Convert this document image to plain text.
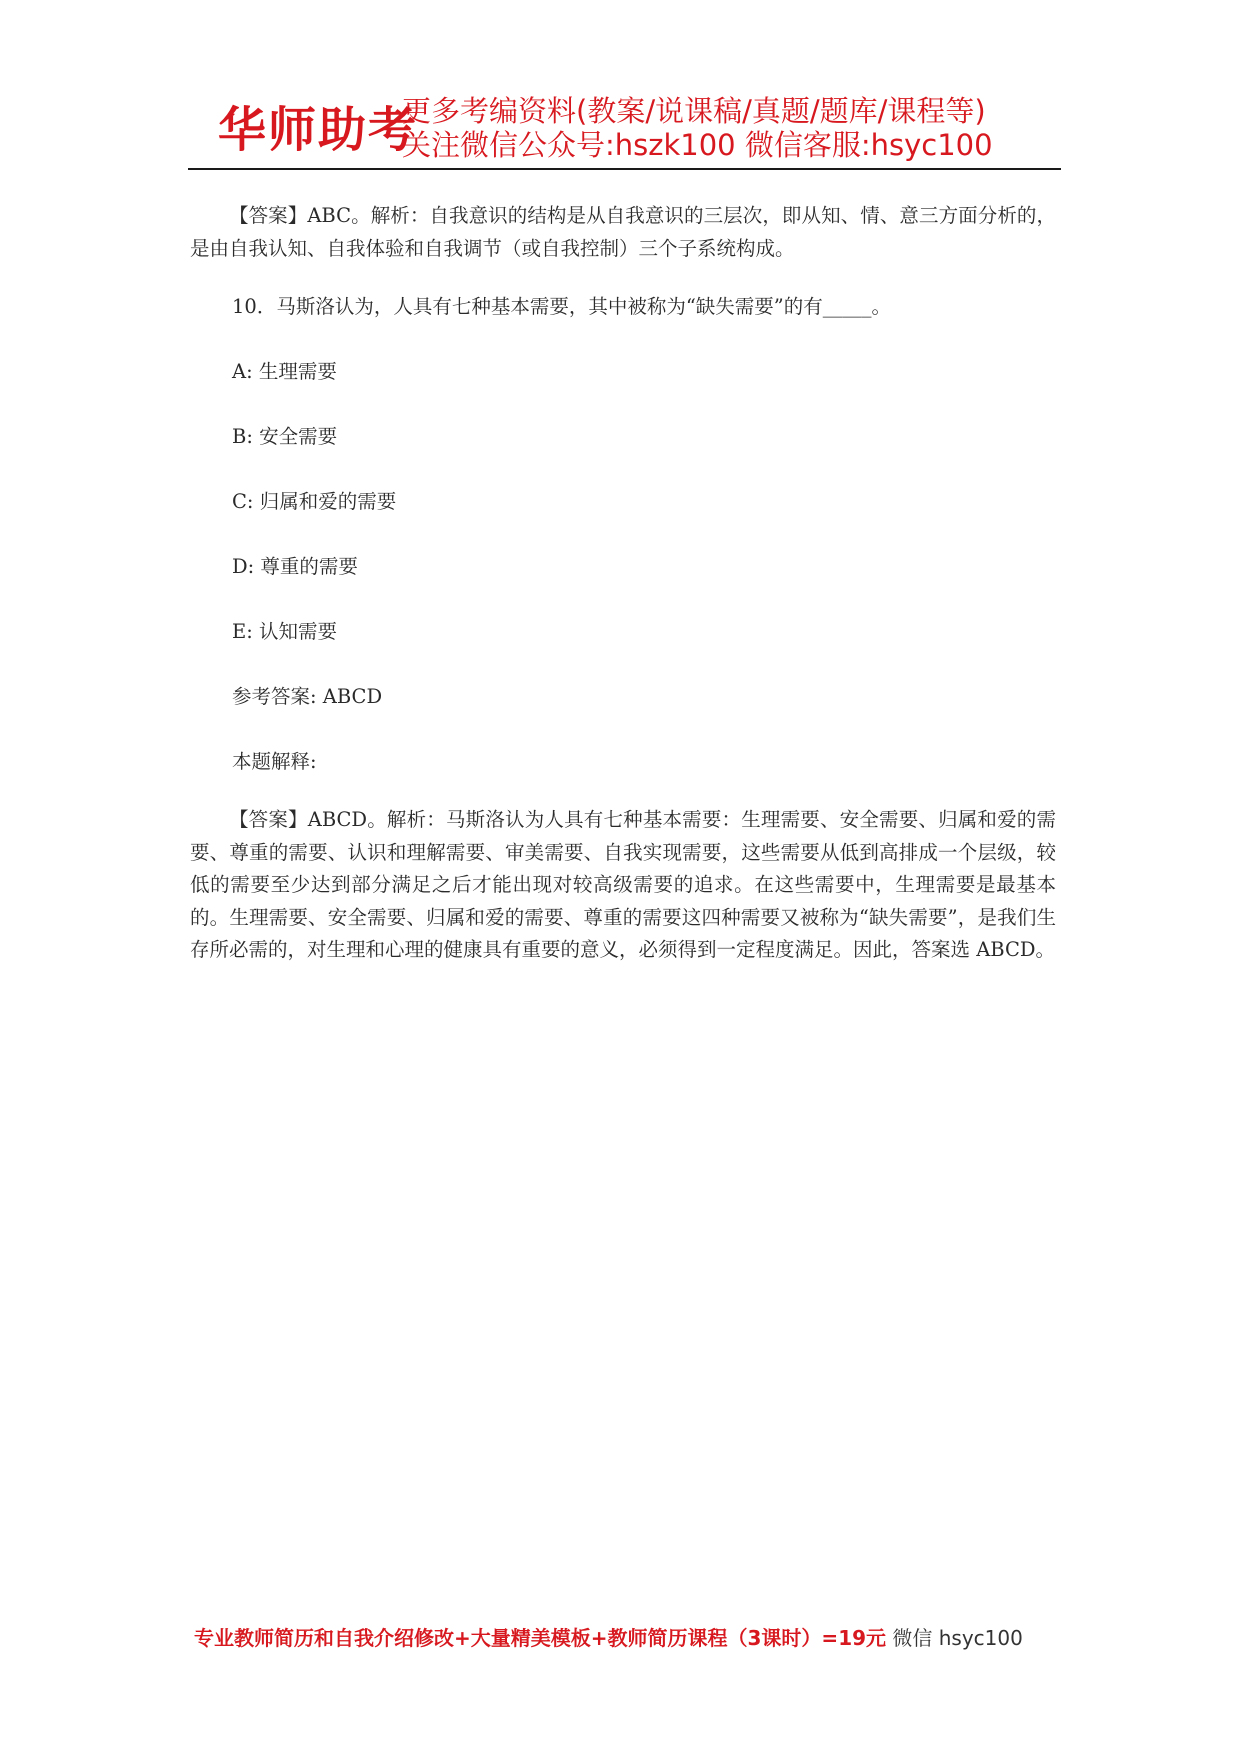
华师助考
更多考编资料(教案/说课稿/真题/题库/课程等)
关注微信公众号:hszk100 微信客服:hsyc100

【答案】ABC。解析：自我意识的结构是从自我意识的三层次，即从知、情、意三方面分析的，是由自我认知、自我体验和自我调节（或自我控制）三个子系统构成。

10．马斯洛认为，人具有七种基本需要，其中被称为“缺失需要”的有_____。

A: 生理需要

B: 安全需要

C: 归属和爱的需要

D: 尊重的需要

E: 认知需要

参考答案: ABCD

本题解释:

【答案】ABCD。解析：马斯洛认为人具有七种基本需要：生理需要、安全需要、归属和爱的需要、尊重的需要、认识和理解需要、审美需要、自我实现需要，这些需要从低到高排成一个层级，较低的需要至少达到部分满足之后才能出现对较高级需要的追求。在这些需要中，生理需要是最基本的。生理需要、安全需要、归属和爱的需要、尊重的需要这四种需要又被称为“缺失需要”，是我们生存所必需的，对生理和心理的健康具有重要的意义，必须得到一定程度满足。因此，答案选 ABCD。

专业教师简历和自我介绍修改+大量精美模板+教师简历课程（3课时）=19元 微信 hsyc100
